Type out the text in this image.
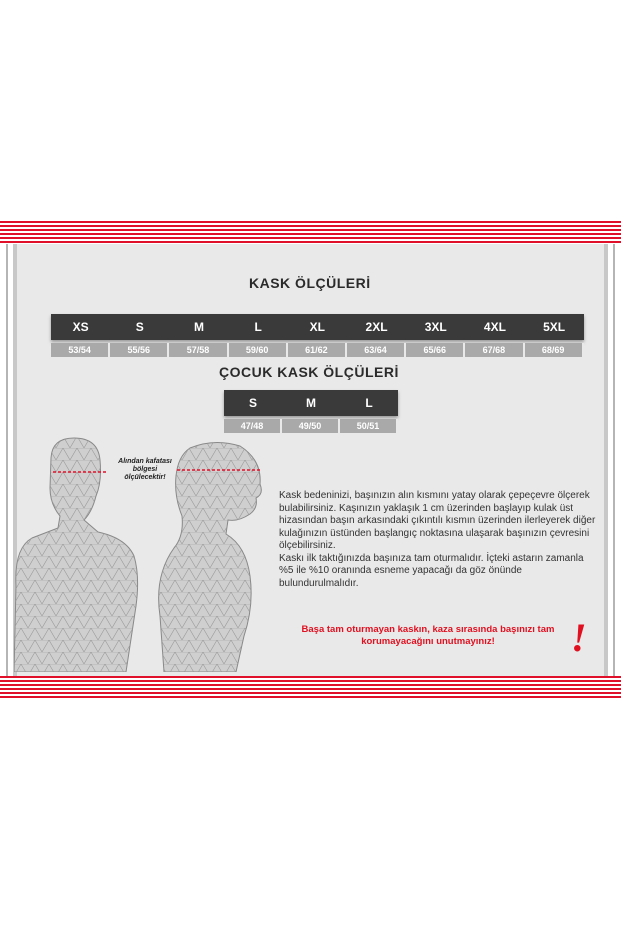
KASK ÖLÇÜLERİ
XS	S	M	L	XL	2XL	3XL	4XL	5XL
53/54	55/56	57/58	59/60	61/62	63/64	65/66	67/68	68/69
ÇOCUK KASK ÖLÇÜLERİ
S	M	L
47/48	49/50	50/51
Alından kafatası bölgesi ölçülecektir!

Kask bedeninizi, başınızın alın kısmını yatay olarak çepeçevre ölçerek bulabilirsiniz. Kaşınızın yaklaşık 1 cm üzerinden başlayıp kulak üst hizasından başın arkasındaki çıkıntılı kısmın üzerinden ilerleyerek diğer kulağınızın üstünden başlangıç noktasına ulaşarak başınızın çevresini ölçebilirsiniz.

Kaskı ilk taktığınızda başınıza tam oturmalıdır. İçteki astarın zamanla %5 ile %10 oranında esneme yapacağı da göz önünde bulundurulmalıdır.

Başa tam oturmayan kaskın, kaza sırasında başınızı tam korumayacağını unutmayınız!	!
